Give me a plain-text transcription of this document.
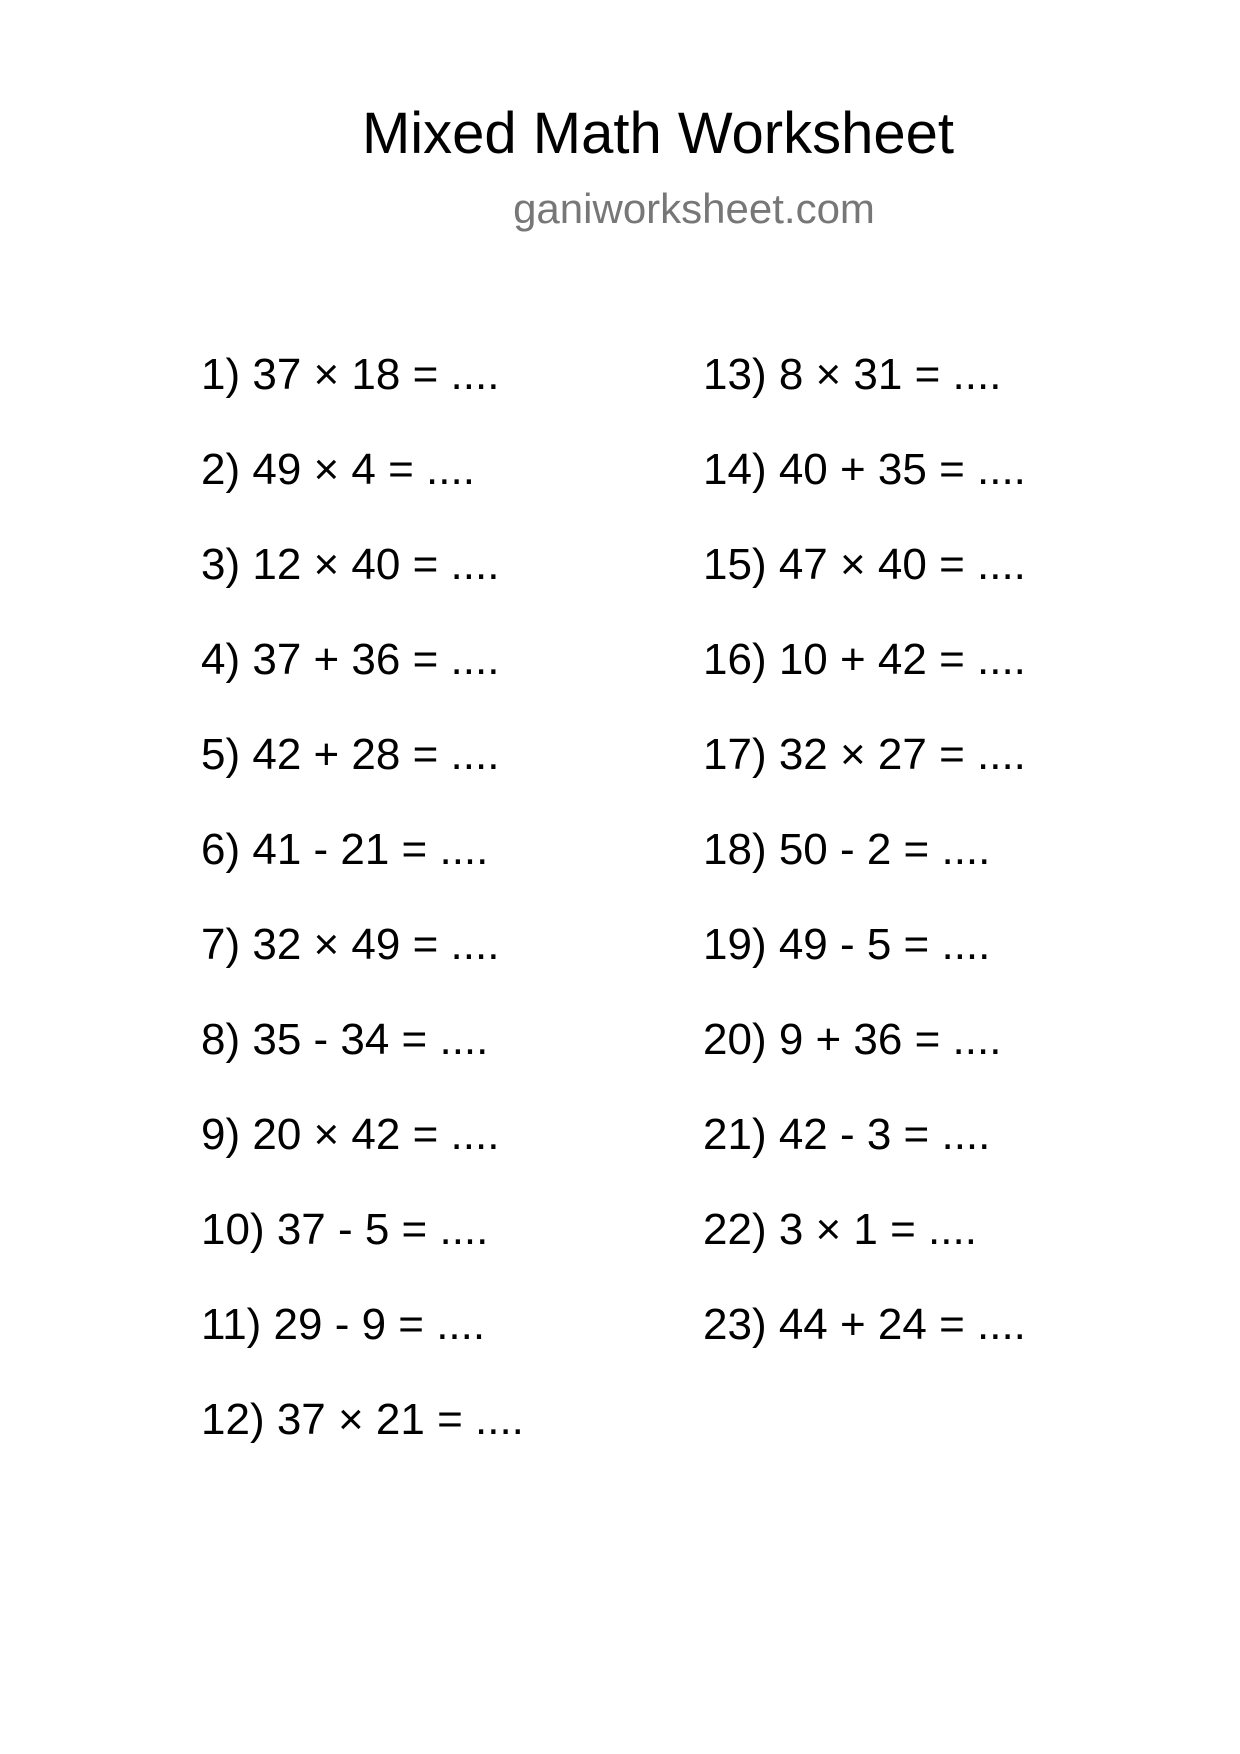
Mixed Math Worksheet
ganiworksheet.com
1) 37 × 18 = ....
2) 49 × 4 = ....
3) 12 × 40 = ....
4) 37 + 36 = ....
5) 42 + 28 = ....
6) 41 - 21 = ....
7) 32 × 49 = ....
8) 35 - 34 = ....
9) 20 × 42 = ....
10) 37 - 5 = ....
11) 29 - 9 = ....
12) 37 × 21 = ....
13) 8 × 31 = ....
14) 40 + 35 = ....
15) 47 × 40 = ....
16) 10 + 42 = ....
17) 32 × 27 = ....
18) 50 - 2 = ....
19) 49 - 5 = ....
20) 9 + 36 = ....
21) 42 - 3 = ....
22) 3 × 1 = ....
23) 44 + 24 = ....
